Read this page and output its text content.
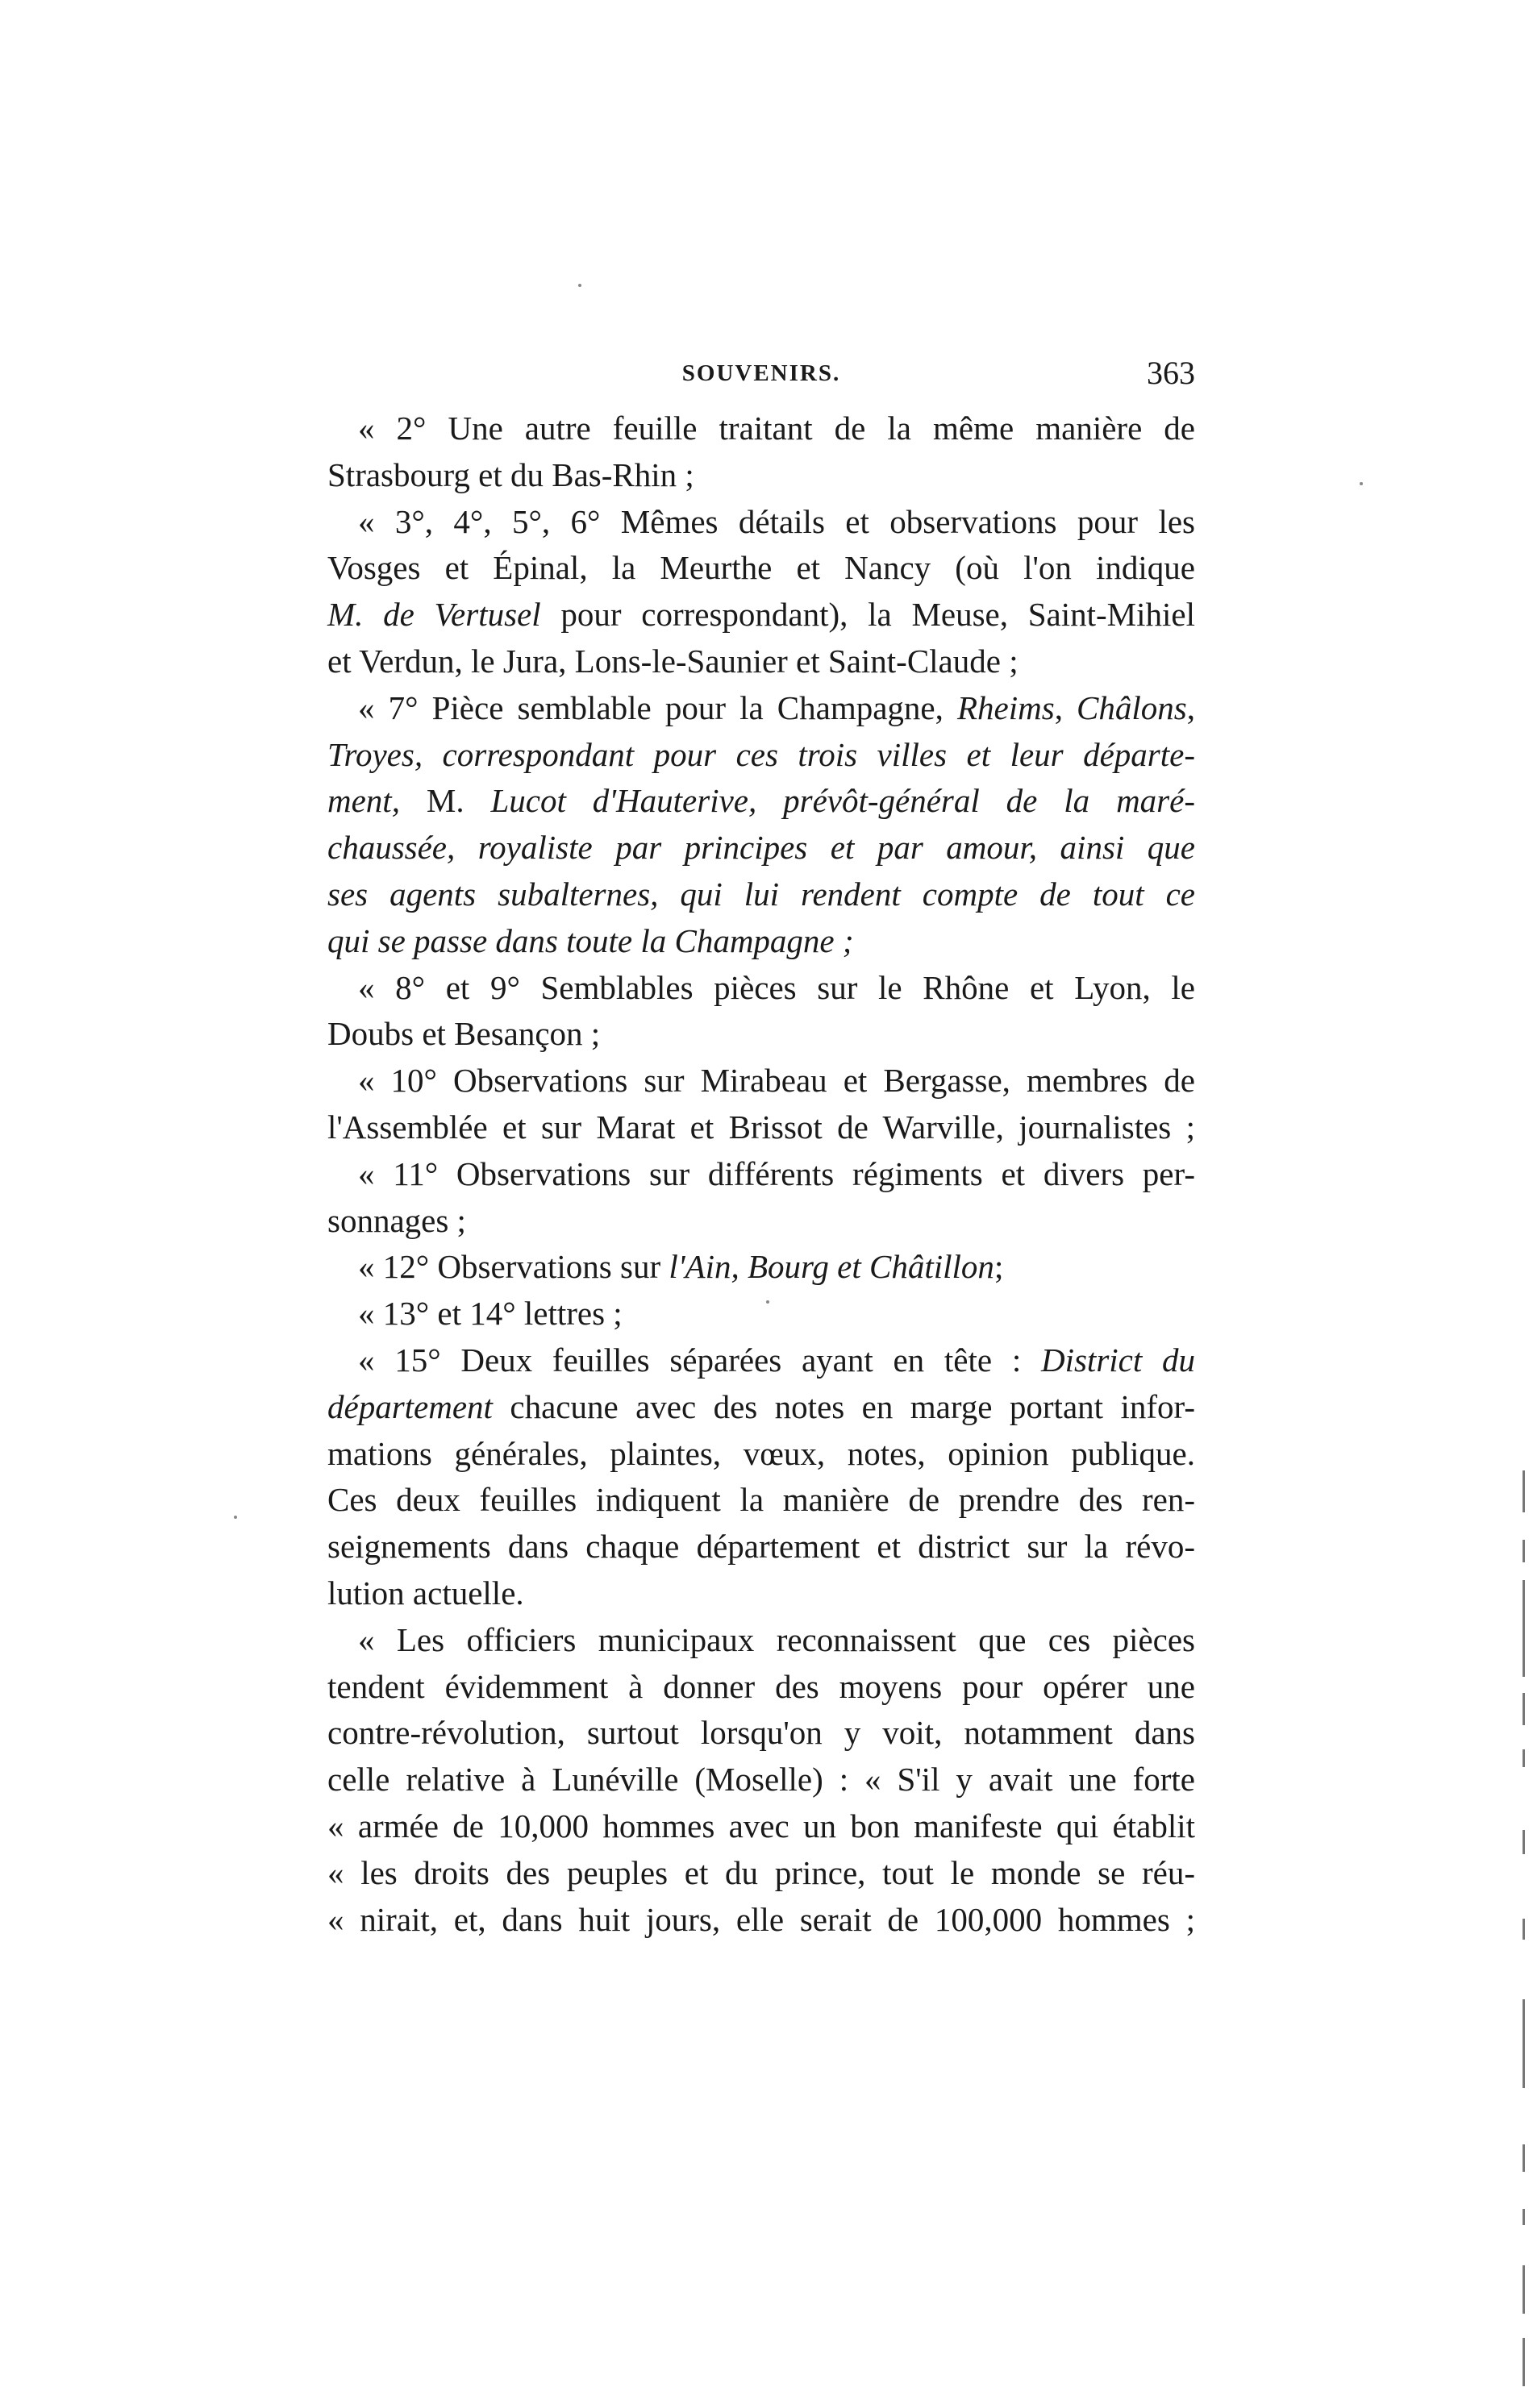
SOUVENIRS.	363
« 2° Une autre feuille traitant de la même manière de
Strasbourg et du Bas-Rhin ;
« 3°, 4°, 5°, 6° Mêmes détails et observations pour les
Vosges et Épinal, la Meurthe et Nancy (où l'on indique
M. de Vertusel pour correspondant), la Meuse, Saint-Mihiel
et Verdun, le Jura, Lons-le-Saunier et Saint-Claude ;
« 7° Pièce semblable pour la Champagne, Rheims, Châlons,
Troyes, correspondant pour ces trois villes et leur départe-
ment, M. Lucot d'Hauterive, prévôt-général de la maré-
chaussée, royaliste par principes et par amour, ainsi que
ses agents subalternes, qui lui rendent compte de tout ce
qui se passe dans toute la Champagne ;
« 8° et 9° Semblables pièces sur le Rhône et Lyon, le
Doubs et Besançon ;
« 10° Observations sur Mirabeau et Bergasse, membres de
l'Assemblée et sur Marat et Brissot de Warville, journalistes ;
« 11° Observations sur différents régiments et divers per-
sonnages ;
« 12° Observations sur l'Ain, Bourg et Châtillon;
« 13° et 14° lettres ;
« 15° Deux feuilles séparées ayant en tête : District du
département chacune avec des notes en marge portant infor-
mations générales, plaintes, vœux, notes, opinion publique.
Ces deux feuilles indiquent la manière de prendre des ren-
seignements dans chaque département et district sur la révo-
lution actuelle.
« Les officiers municipaux reconnaissent que ces pièces
tendent évidemment à donner des moyens pour opérer une
contre-révolution, surtout lorsqu'on y voit, notamment dans
celle relative à Lunéville (Moselle) : « S'il y avait une forte
« armée de 10,000 hommes avec un bon manifeste qui établit
« les droits des peuples et du prince, tout le monde se réu-
« nirait, et, dans huit jours, elle serait de 100,000 hommes ;
